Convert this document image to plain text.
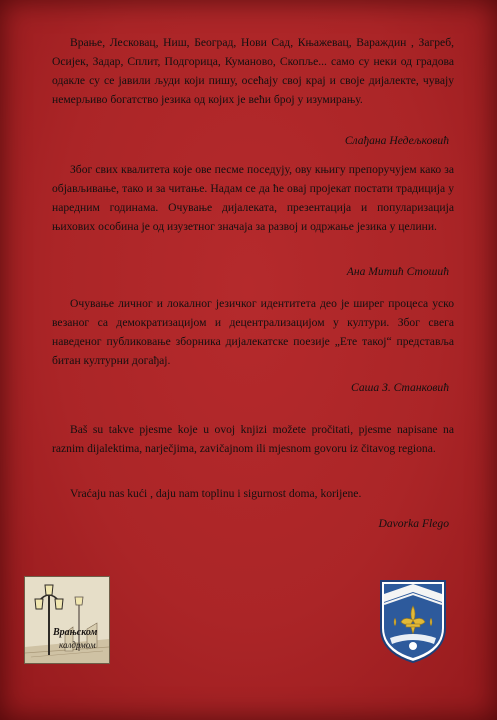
Врање, Лесковац, Ниш, Београд, Нови Сад, Књажевац, Вараждин , Загреб, Осијек, Задар, Сплит, Подгорица, Куманово, Скопље... само су неки од градова одакле су се јавили људи који пишу, осећају свој крај и своје дијалекте, чувају немерљиво богатство језика од којих је већи број у изумирању.

Слађана Недељковић

Због свих квалитета које ове песме поседују, ову књигу препоручујем како за објављивање, тако и за читање. Надам се да ће овај пројекат постати традиција у наредним годинама. Очување дијалеката, презентација и популаризација њихових особина је од изузетног значаја за развој и одржање језика у целини.

Ана Митић Стошић

Очување личног и локалног језичког идентитета део је ширег процеса уско везаног са демократизацијом и децентрализацијом у култури. Због свега наведеног публиковање зборника дијалекатске поезије „Ете такој“ представља битан културни догађај.

Саша З. Станковић

Baš su takve pjesme koje u ovoj knjizi možete pročitati, pjesme napisane na raznim dijalektima, narječjima, zavičajnom ili mjesnom govoru iz čitavog regiona.

Vraćaju nas kući , daju nam toplinu i sigurnost doma, korijene.

Davorka Flego

Врањском
калдрмом
